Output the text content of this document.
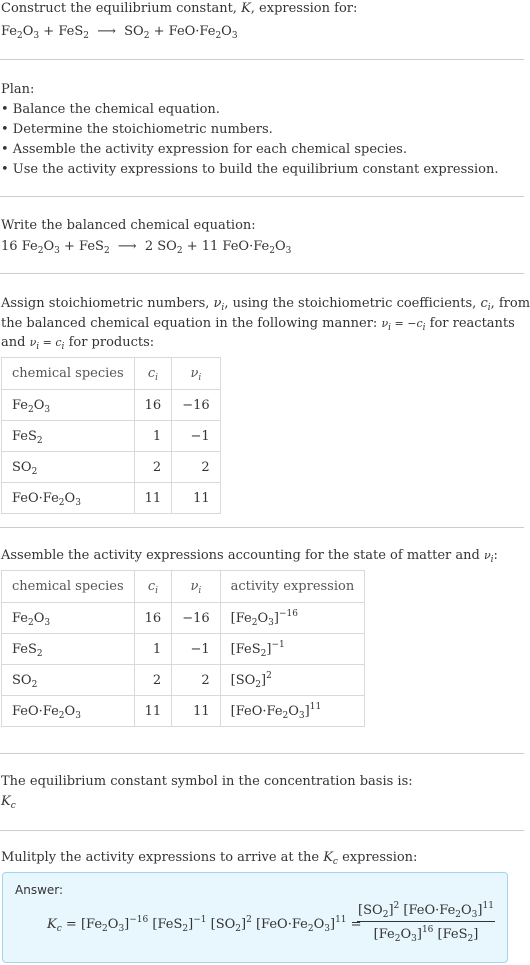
Construct the equilibrium constant, K, expression for:
$Fe_2O_3 + FeS_2$  ⟶  $SO_2 + FeO\cdot Fe_2O_3$
Plan:
• Balance the chemical equation.
• Determine the stoichiometric numbers.
• Assemble the activity expression for each chemical species.
• Use the activity expressions to build the equilibrium constant expression.
Write the balanced chemical equation:
16 $Fe_2O_3 + FeS_2$  ⟶  2 $SO_2 + 11$ $FeO\cdot Fe_2O_3$
Assign stoichiometric numbers, $\nu_i$, using the stoichiometric coefficients, $c_i$, from
the balanced chemical equation in the following manner: $\nu_i = -c_i$ for reactants
and $\nu_i = c_i$ for products:
chemical species	$c_i$	$\nu_i$
$Fe_2O_3$	16	−16
FeS$_2$	1	−1
$SO_2$	2	2
$FeO\cdot Fe_2O_3$	11	11
Assemble the activity expressions accounting for the state of matter and $\nu_i$:
chemical species	$c_i$	$\nu_i$	activity expression
$Fe_2O_3$	16	−16	$[Fe_2O_3]^{-16}$
FeS$_2$	1	−1	$[FeS_2]^{-1}$
$SO_2$	2	2	$[SO_2]^2$
$FeO\cdot Fe_2O_3$	11	11	$[FeO\cdot Fe_2O_3]^{11}$
The equilibrium constant symbol in the concentration basis is:
$K_c$
Mulitply the activity expressions to arrive at the $K_c$ expression:
Answer:
$K_c = [Fe_2O_3]^{-16}$ $[FeS_2]^{-1}$ $[SO_2]^2$ $[FeO\cdot Fe_2O_3]^{11}$ =
$[SO_2]^2$ $[FeO\cdot Fe_2O_3]^{11}$
$[Fe_2O_3]^{16}$ [FeS$_2$]
